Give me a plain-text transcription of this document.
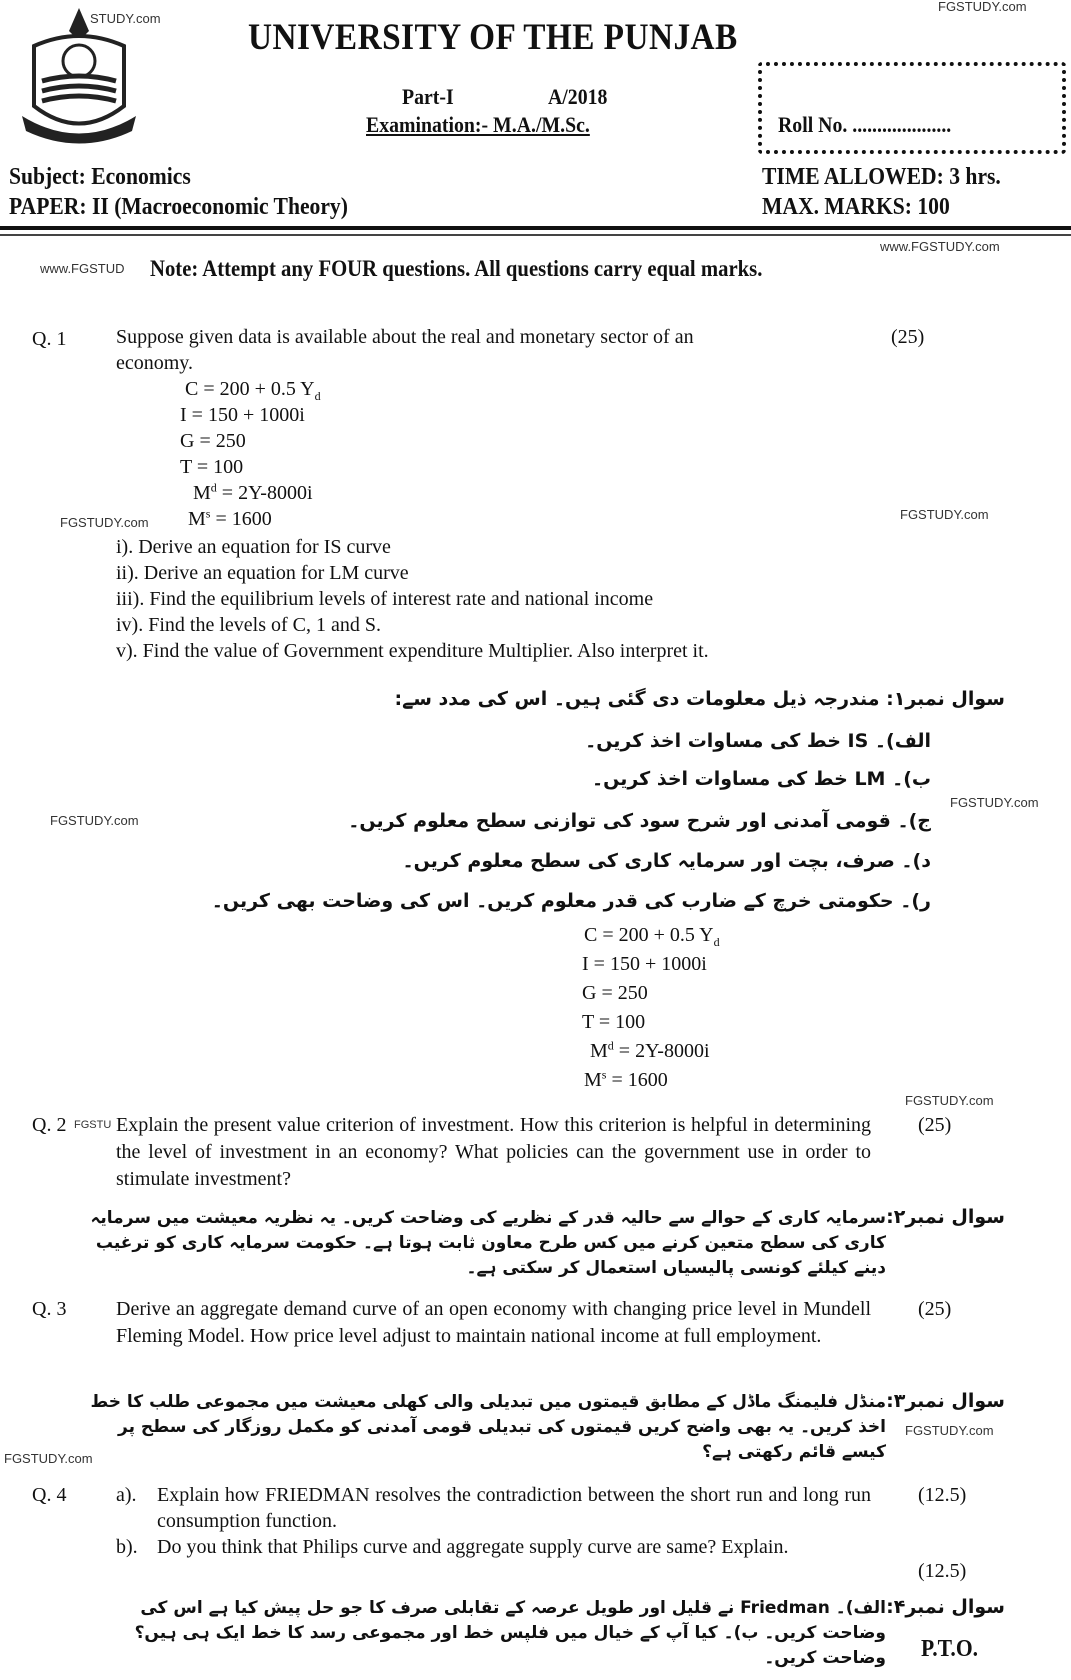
FGSTUDY.com
STUDY.com UNIVERSITY OF THE PUNJAB
Part-I	A/2018
Examination:- M.A./M.Sc.	Roll No. ....................
Subject: Economics
PAPER: II (Macroeconomic Theory)
TIME ALLOWED: 3 hrs.
MAX. MARKS: 100
www.FGSTUDY.com
www.FGSTUD Note: Attempt any FOUR questions. All questions carry equal marks.
Q. 1 Suppose given data is available about the real and monetary sector of an
economy.
(25)
C = 200 + 0.5 $Y_d$
I = 150 + 1000i
G = 250
T = 100
$M^d = 2Y-8000i$
$M^s = 1600$
FGSTUDY.com
FGSTUDY.com
i). Derive an equation for IS curve
ii). Derive an equation for LM curve
iii). Find the equilibrium levels of interest rate and national income
iv). Find the levels of C, 1 and S.
v). Find the value of Government expenditure Multiplier. Also interpret it.
سوال نمبر۱: مندرجہ ذیل معلومات دی گئی ہیں۔ اس کی مدد سے:
الف)۔ IS خط کی مساوات اخذ کریں۔
ب)۔ LM خط کی مساوات اخذ کریں۔
FGSTUDY.com
FGSTUDY.com
ج)۔ قومی آمدنی اور شرح سود کی توازنی سطح معلوم کریں۔
د)۔ صرف، بچت اور سرمایہ کاری کی سطح معلوم کریں۔
ر)۔ حکومتی خرچ کے ضارب کی قدر معلوم کریں۔ اس کی وضاحت بھی کریں۔
C = 200 + 0.5 $Y_d$
I = 150 + 1000i
G = 250
T = 100
$M^d = 2Y-8000i$
$M^s = 1600$
FGSTUDY.com
Q. 2 FGSTU Explain the present value criterion of investment. How this criterion is helpful in determining the level of investment in an economy? What policies can the government use in order to stimulate investment?
(25)
سوال نمبر۲:
سرمایہ کاری کے حوالے سے حالیہ قدر کے نظریے کی وضاحت کریں۔ یہ نظریہ معیشت میں سرمایہ کاری کی سطح متعین کرنے میں کس طرح معاون ثابت ہوتا ہے۔ حکومت سرمایہ کاری کو ترغیب دینے کیلئے کونسی پالیسیاں استعمال کر سکتی ہے۔
Q. 3 Derive an aggregate demand curve of an open economy with changing price level in Mundell Fleming Model. How price level adjust to maintain national income at full employment.
(25)
سوال نمبر۳:
منڈل فلیمنگ ماڈل کے مطابق قیمتوں میں تبدیلی والی کھلی معیشت میں مجموعی طلب کا خط اخذ کریں۔ یہ بھی واضح کریں قیمتوں کی تبدیلی قومی آمدنی کو مکمل روزگار کی سطح پر کیسے قائم رکھتی ہے؟
FGSTUDY.com
FGSTUDY.com
Q. 4 a). Explain how FRIEDMAN resolves the contradiction between the short run and long run consumption function.
b). Do you think that Philips curve and aggregate supply curve are same? Explain.
(12.5)
(12.5)
سوال نمبر۴:
الف)۔ Friedman نے قلیل اور طویل عرصہ کے تقابلی صرف کا جو حل پیش کیا ہے اس کی وضاحت کریں۔ ب)۔ کیا آپ کے خیال میں فلپس خط اور مجموعی رسد کا خط ایک ہی ہیں؟ وضاحت کریں۔ P.T.O.
